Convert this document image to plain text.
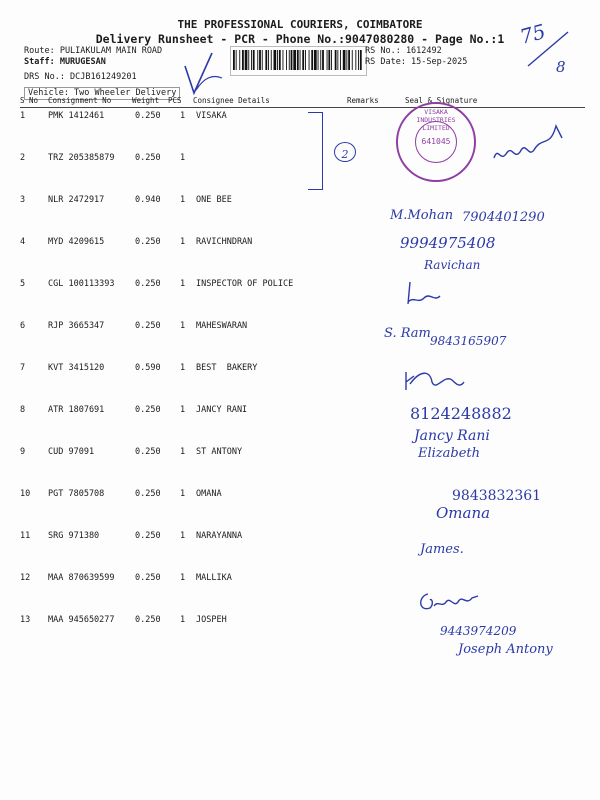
THE PROFESSIONAL COURIERS, COIMBATORE
Delivery Runsheet - PCR - Phone No.:9047080280 - Page No.:1
Route: PULIAKULAM MAIN ROAD
Staff: MURUGESAN
DRS No.: DCJB161249201
Vehicle: Two Wheeler Delivery
RS No.: 1612492
RS Date: 15-Sep-2025
75
8
S No Consignment No	Weight PCS Consignee Details	Remarks	Seal & Signature
1	PMK 1412461	0.250 1 VISAKA
2	TRZ 205385879 0.250 1
3	NLR 2472917	0.940 1 ONE BEE
4	MYD 4209615	0.250 1 RAVICHNDRAN
5	CGL 100113393 0.250 1 INSPECTOR OF POLICE
6	RJP 3665347	0.250 1 MAHESWARAN
7	KVT 3415120	0.590 1 BEST  BAKERY
8	ATR 1807691	0.250 1 JANCY RANI
9	CUD 97091	0.250 1 ST ANTONY
10 PGT 7805708	0.250 1 OMANA
11 SRG 971380	0.250 1 NARAYANNA
12 MAA 870639599 0.250 1 MALLIKA
13 MAA 945650277 0.250 1 JOSPEH
2
VISAKA INDUSTRIES LIMITED
641045
M.Mohan 7904401290
9994975408
Ravichan
S. Ram 9843165907
8124248882
Jancy Rani
Elizabeth
9843832361
Omana
James.
9443974209
Joseph Antony
